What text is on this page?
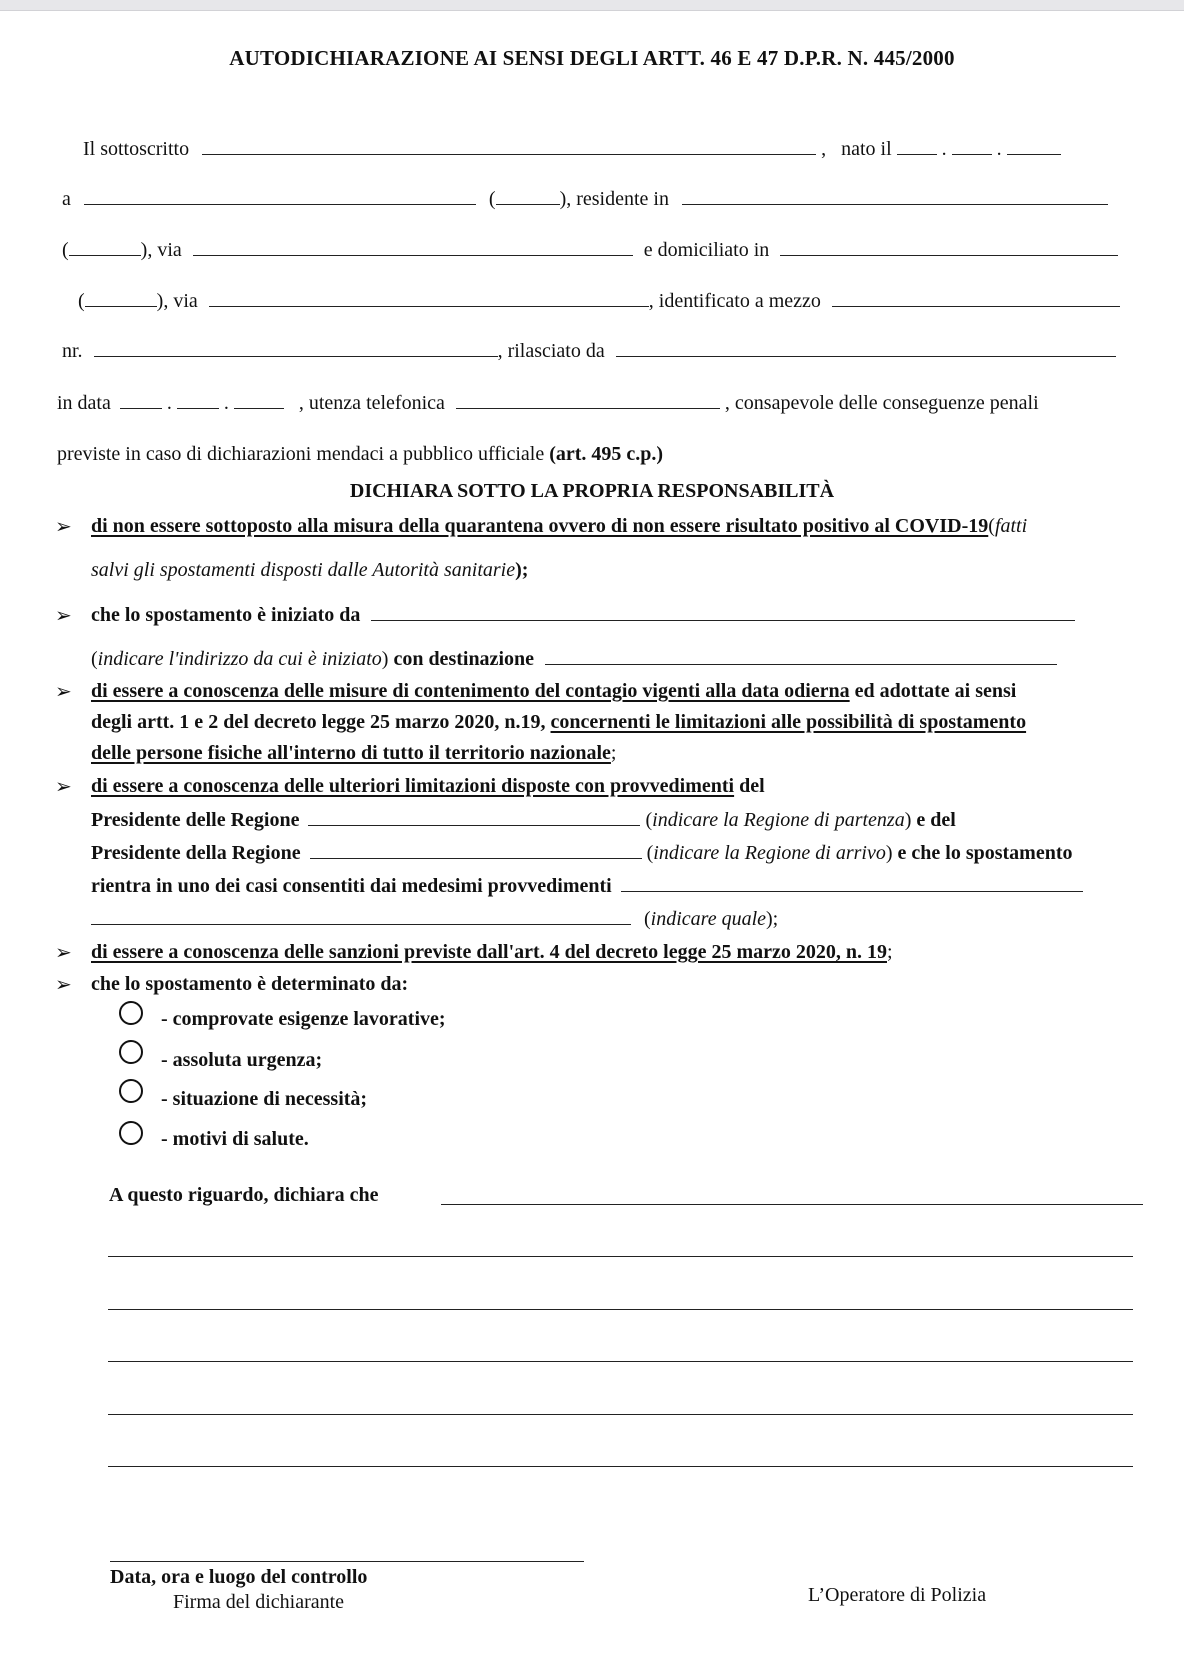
AUTODICHIARAZIONE AI SENSI DEGLI ARTT. 46 E 47 D.P.R. N. 445/2000
Il sottoscritto	, nato il	.	.
a	(	), residente in
(	), via	e domiciliato in
(	), via	, identificato a mezzo
nr.	, rilasciato da
in data	.	.	, utenza telefonica	, consapevole delle conseguenze penali
previste in caso di dichiarazioni mendaci a pubblico ufficiale (art. 495 c.p.)
DICHIARA SOTTO LA PROPRIA RESPONSABILITÀ
➢ di non essere sottoposto alla misura della quarantena ovvero di non essere risultato positivo al COVID-19(fatti
salvi gli spostamenti disposti dalle Autorità sanitarie);
➢ che lo spostamento è iniziato da
(indicare l'indirizzo da cui è iniziato) con destinazione
➢ di essere a conoscenza delle misure di contenimento del contagio vigenti alla data odierna ed adottate ai sensi
degli artt. 1 e 2 del decreto legge 25 marzo 2020, n.19, concernenti le limitazioni alle possibilità di spostamento
delle persone fisiche all'interno di tutto il territorio nazionale;
➢ di essere a conoscenza delle ulteriori limitazioni disposte con provvedimenti del
Presidente delle Regione	(indicare la Regione di partenza) e del
Presidente della Regione	(indicare la Regione di arrivo) e che lo spostamento
rientra in uno dei casi consentiti dai medesimi provvedimenti
(indicare quale);
➢ di essere a conoscenza delle sanzioni previste dall'art. 4 del decreto legge 25 marzo 2020, n. 19;
➢ che lo spostamento è determinato da:
- comprovate esigenze lavorative;
- assoluta urgenza;
- situazione di necessità;
- motivi di salute.
A questo riguardo, dichiara che
Data, ora e luogo del controllo
Firma del dichiarante	L’Operatore di Polizia
